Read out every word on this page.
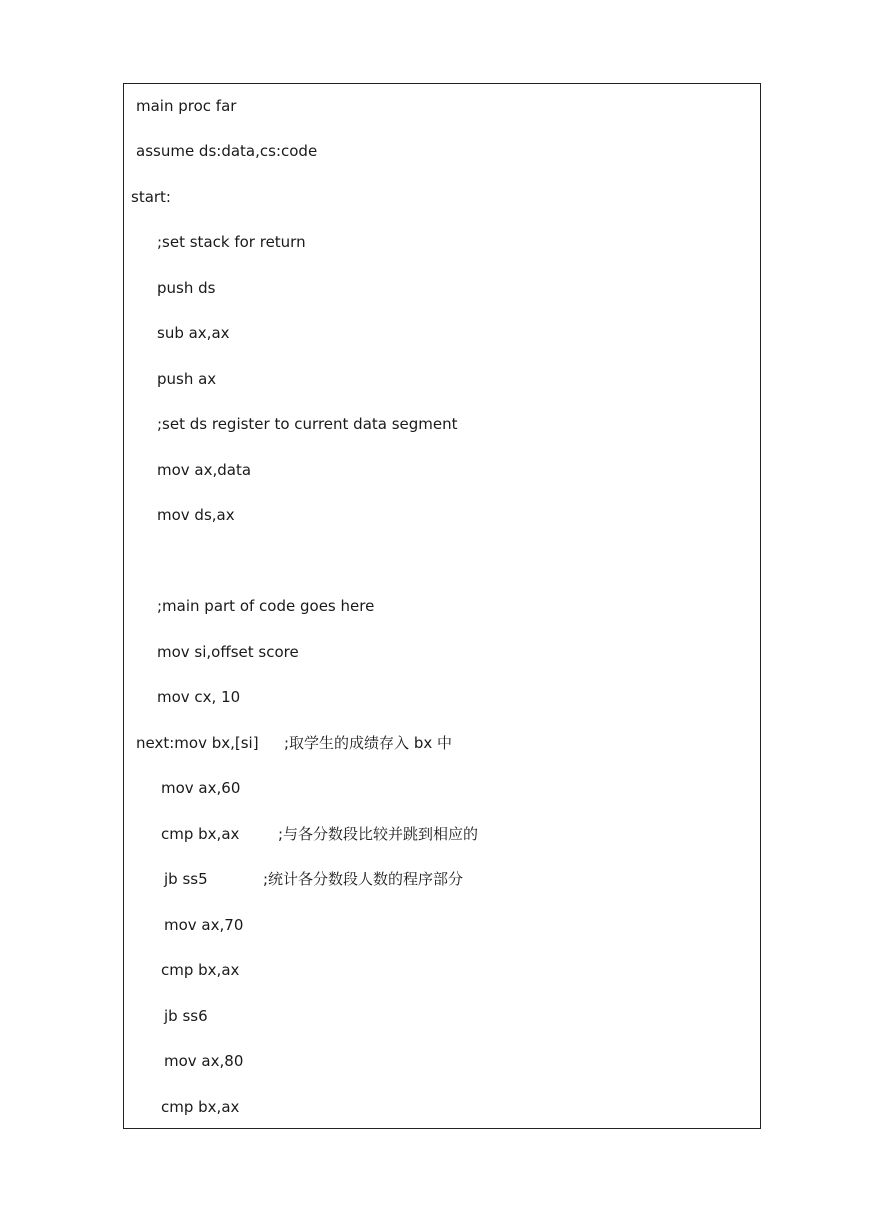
main proc far
assume ds:data,cs:code
start:
;set stack for return
push ds
sub ax,ax
push ax
;set ds register to current data segment
mov ax,data
mov ds,ax
;main part of code goes here
mov si,offset score
mov cx, 10
next:mov bx,[si] ;取学生的成绩存入 bx 中
mov ax,60
cmp bx,ax	;与各分数段比较并跳到相应的
jb ss5	;统计各分数段人数的程序部分
mov ax,70
cmp bx,ax
jb ss6
mov ax,80
cmp bx,ax
